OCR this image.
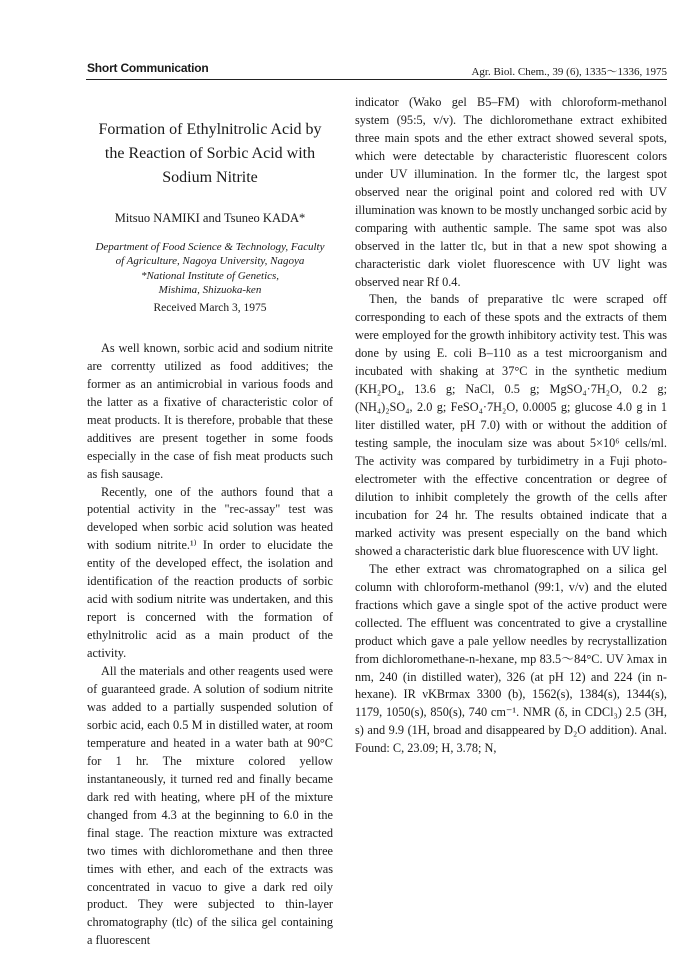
Short Communication	Agr. Biol. Chem., 39 (6), 1335～1336, 1975
Formation of Ethylnitrolic Acid by the Reaction of Sorbic Acid with Sodium Nitrite
Mitsuo NAMIKI and Tsuneo KADA*
Department of Food Science & Technology, Faculty
of Agriculture, Nagoya University, Nagoya
*National Institute of Genetics,
Mishima, Shizuoka-ken
Received March 3, 1975

As well known, sorbic acid and sodium nitrite are correntty utilized as food additives; the former as an antimicrobial in various foods and the latter as a fixative of characteristic color of meat products. It is therefore, probable that these additives are present together in some foods especially in the case of fish meat products such as fish sausage.

Recently, one of the authors found that a potential activity in the "rec-assay" test was developed when sorbic acid solution was heated with sodium nitrite.¹⁾ In order to elucidate the entity of the developed effect, the isolation and identification of the reaction products of sorbic acid with sodium nitrite was undertaken, and this report is concerned with the formation of ethylnitrolic acid as a main product of the activity.

All the materials and other reagents used were of guaranteed grade. A solution of sodium nitrite was added to a partially suspended solution of sorbic acid, each 0.5 M in distilled water, at room temperature and heated in a water bath at 90°C for 1 hr. The mixture colored yellow instantaneously, it turned red and finally became dark red with heating, where pH of the mixture changed from 4.3 at the beginning to 6.0 in the final stage. The reaction mixture was extracted two times with dichloromethane and then three times with ether, and each of the extracts was concentrated in vacuo to give a dark red oily product. They were subjected to thin-layer chromatography (tlc) of the silica gel containing a fluorescent

indicator (Wako gel B5–FM) with chloroform-methanol system (95:5, v/v). The dichloromethane extract exhibited three main spots and the ether extract showed several spots, which were detectable by characteristic fluorescent colors under UV illumination. In the former tlc, the largest spot observed near the original point and colored red with UV illumination was known to be mostly unchanged sorbic acid by comparing with authentic sample. The same spot was also observed in the latter tlc, but in that a new spot showing a characteristic dark violet fluorescence with UV light was observed near Rf 0.4.

Then, the bands of preparative tlc were scraped off corresponding to each of these spots and the extracts of them were employed for the growth inhibitory activity test. This was done by using E. coli B–110 as a test microorganism and incubated with shaking at 37°C in the synthetic medium (KH₂PO₄, 13.6 g; NaCl, 0.5 g; MgSO₄·7H₂O, 0.2 g; (NH₄)₂SO₄, 2.0 g; FeSO₄·7H₂O, 0.0005 g; glucose 4.0 g in 1 liter distilled water, pH 7.0) with or without the addition of testing sample, the inoculam size was about 5×10⁶ cells/ml. The activity was compared by turbidimetry in a Fuji photo-electrometer with the effective concentration or degree of dilution to inhibit completely the growth of the cells after incubation for 24 hr. The results obtained indicate that a marked activity was present especially on the band which showed a characteristic dark blue fluorescence with UV light.

The ether extract was chromatographed on a silica gel column with chloroform-methanol (99:1, v/v) and the eluted fractions which gave a single spot of the active product were collected. The effluent was concentrated to give a crystalline product which gave a pale yellow needles by recrystallization from dichloromethane-n-hexane, mp 83.5～84°C. UV λmax in nm, 240 (in distilled water), 326 (at pH 12) and 224 (in n-hexane). IR νKBrmax 3300 (b), 1562(s), 1384(s), 1344(s), 1179, 1050(s), 850(s), 740 cm⁻¹. NMR (δ, in CDCl₃) 2.5 (3H, s) and 9.9 (1H, broad and disappeared by D₂O addition). Anal. Found: C, 23.09; H, 3.78; N,
